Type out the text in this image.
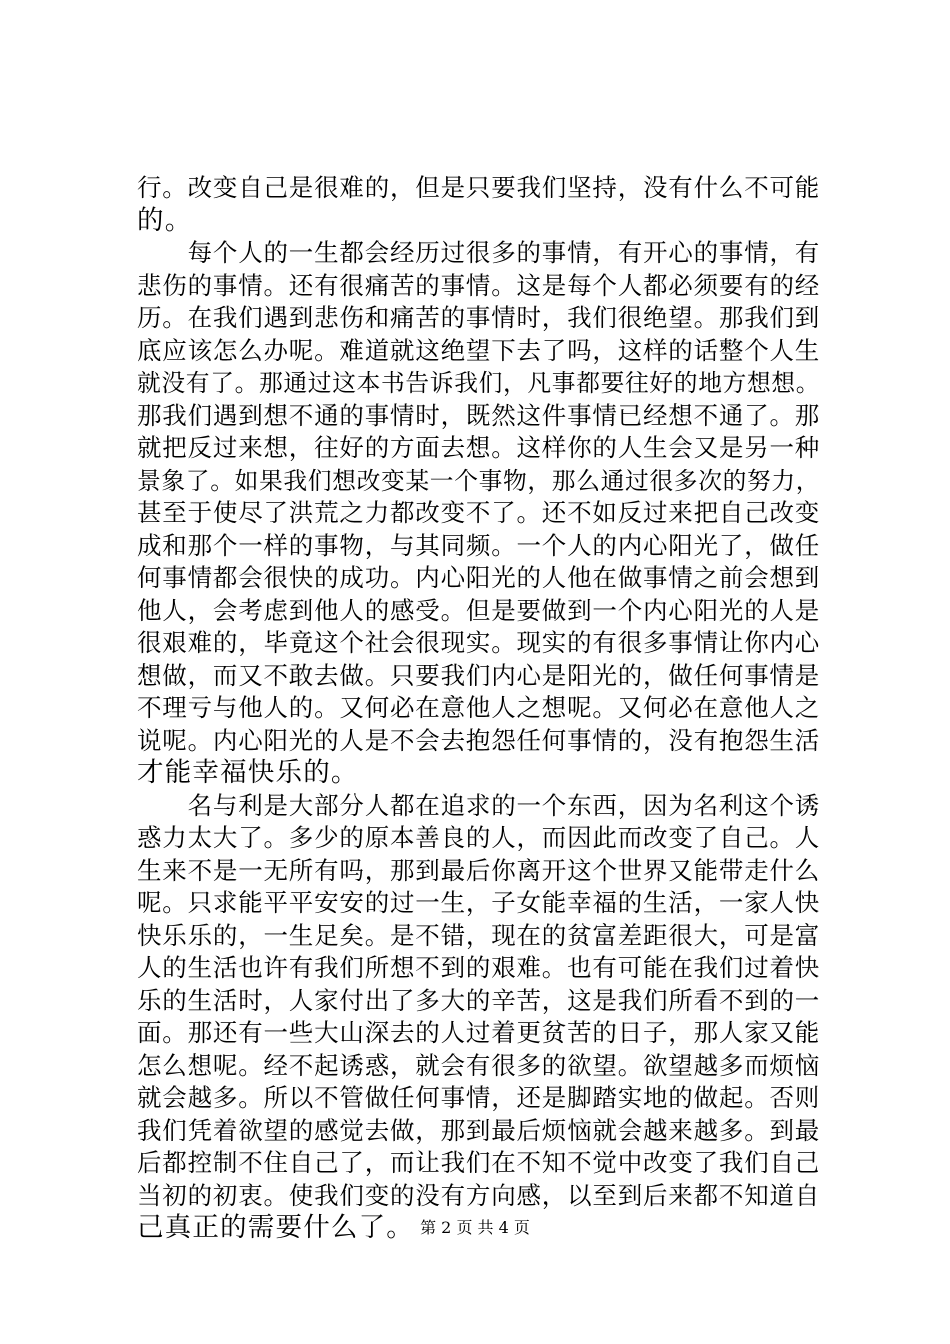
行。改变自己是很难的，但是只要我们坚持，没有什么不可能
的。
　　每个人的一生都会经历过很多的事情，有开心的事情，有
悲伤的事情。还有很痛苦的事情。这是每个人都必须要有的经
历。在我们遇到悲伤和痛苦的事情时，我们很绝望。那我们到
底应该怎么办呢。难道就这绝望下去了吗，这样的话整个人生
就没有了。那通过这本书告诉我们，凡事都要往好的地方想想。
那我们遇到想不通的事情时，既然这件事情已经想不通了。那
就把反过来想，往好的方面去想。这样你的人生会又是另一种
景象了。如果我们想改变某一个事物，那么通过很多次的努力，
甚至于使尽了洪荒之力都改变不了。还不如反过来把自己改变
成和那个一样的事物，与其同频。一个人的内心阳光了，做任
何事情都会很快的成功。内心阳光的人他在做事情之前会想到
他人，会考虑到他人的感受。但是要做到一个内心阳光的人是
很艰难的，毕竟这个社会很现实。现实的有很多事情让你内心
想做，而又不敢去做。只要我们内心是阳光的，做任何事情是
不理亏与他人的。又何必在意他人之想呢。又何必在意他人之
说呢。内心阳光的人是不会去抱怨任何事情的，没有抱怨生活
才能幸福快乐的。
　　名与利是大部分人都在追求的一个东西，因为名利这个诱
惑力太大了。多少的原本善良的人，而因此而改变了自己。人
生来不是一无所有吗，那到最后你离开这个世界又能带走什么
呢。只求能平平安安的过一生，子女能幸福的生活，一家人快
快乐乐的，一生足矣。是不错，现在的贫富差距很大，可是富
人的生活也许有我们所想不到的艰难。也有可能在我们过着快
乐的生活时，人家付出了多大的辛苦，这是我们所看不到的一
面。那还有一些大山深去的人过着更贫苦的日子，那人家又能
怎么想呢。经不起诱惑，就会有很多的欲望。欲望越多而烦恼
就会越多。所以不管做任何事情，还是脚踏实地的做起。否则
我们凭着欲望的感觉去做，那到最后烦恼就会越来越多。到最
后都控制不住自己了，而让我们在不知不觉中改变了我们自己
当初的初衷。使我们变的没有方向感，以至到后来都不知道自
己真正的需要什么了。 第 2 页 共 4 页
